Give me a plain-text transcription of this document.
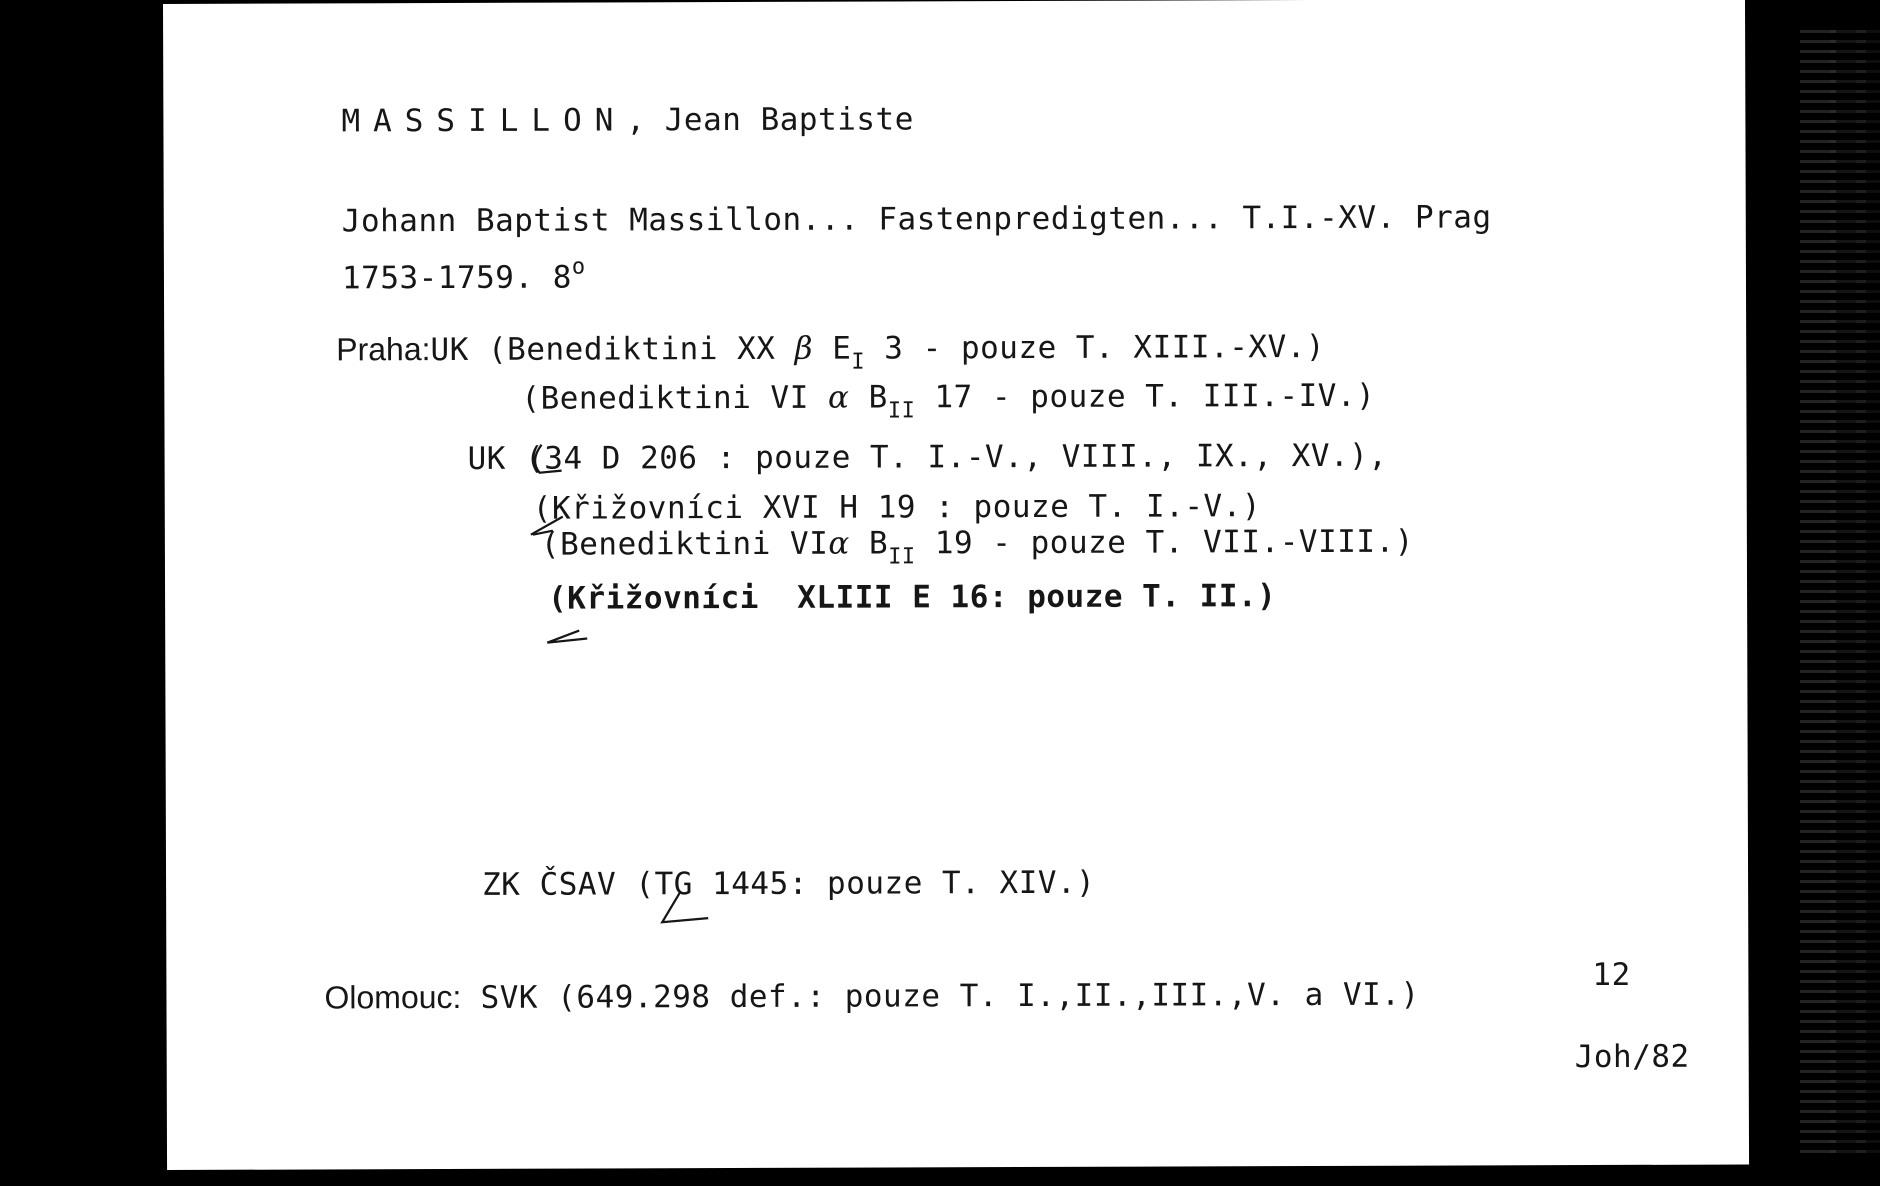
MASSILLON, Jean Baptiste
Johann Baptist Massillon... Fastenpredigten... T.I.-XV. Prag
1753-1759. 8$^o$
Praha:UK (Benediktini XX β $E_I$ 3 - pouze T. XIII.-XV.)
(Benediktini VI α $B_{II}$ 17 - pouze T. III.-IV.)
UK (34 D 206 : pouze T. I.-V., VIII., IX., XV.),
(Křižovníci XVI H 19 : pouze T. I.-V.)
(Benediktini VIα $B_{II}$ 19 - pouze T. VII.-VIII.)
(Křižovníci  XLIII E 16: pouze T. II.)
ZK ČSAV (TG 1445: pouze T. XIV.)
Olomouc: SVK (649.298 def.: pouze T. I.,II.,III.,V. a VI.)
12
Joh/82
